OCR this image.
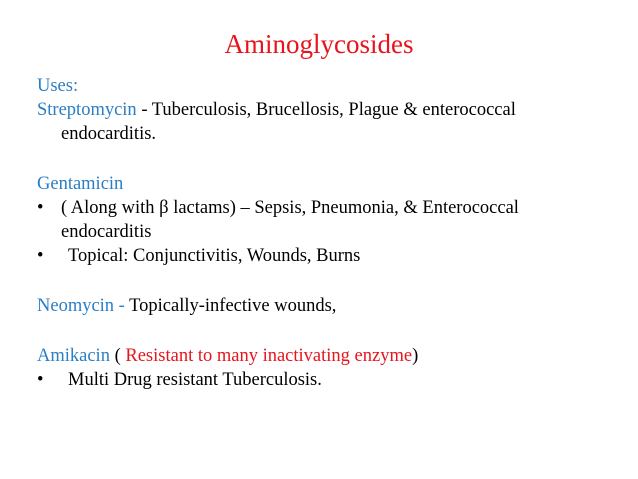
Aminoglycosides
Uses:
Streptomycin - Tuberculosis, Brucellosis, Plague & enterococcal
endocarditis.
Gentamicin
• ( Along with β lactams) – Sepsis, Pneumonia, & Enterococcal
endocarditis
•	Topical: Conjunctivitis, Wounds, Burns
Neomycin - Topically-infective wounds,
Amikacin ( Resistant to many inactivating enzyme)
•	Multi Drug resistant Tuberculosis.
